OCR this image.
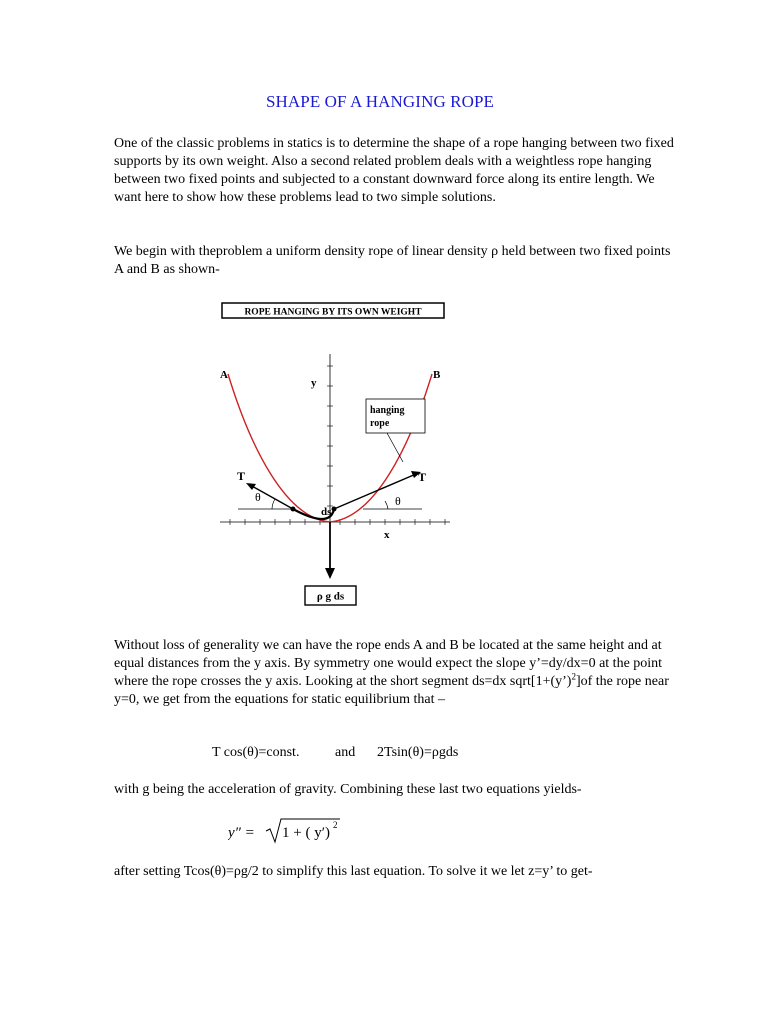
SHAPE OF A HANGING ROPE

One of the classic problems in statics is to determine the shape of a rope hanging between two fixed supports by its own weight. Also a second related problem deals with a weightless rope hanging between two fixed points and subjected to a constant downward force along its entire length. We want here to show how these problems lead to two simple solutions.

We begin with theproblem a uniform density rope of linear density ρ held between two fixed points A and B as shown-

ROPE HANGING BY ITS OWN WEIGHT
ρ g ds
hanging
rope
A	B
y
x
ds
T	T
θ	θ

Without loss of generality we can have the rope ends A and B be located at the same height and at equal distances from the y axis. By symmetry one would expect the slope y’=dy/dx=0 at the point where the rope crosses the y axis. Looking at the short segment ds=dx sqrt[1+(y’)$^2$]of the rope near y=0, we get from the equations for static equilibrium that –

T cos(θ)=const.	and 2Tsin(θ)=ρgds

with g being the acceleration of gravity. Combining these last two equations yields-

y″ = 1 + ( y′) 2

after setting Tcos(θ)=ρg/2 to simplify this last equation. To solve it we let z=y’ to get-
